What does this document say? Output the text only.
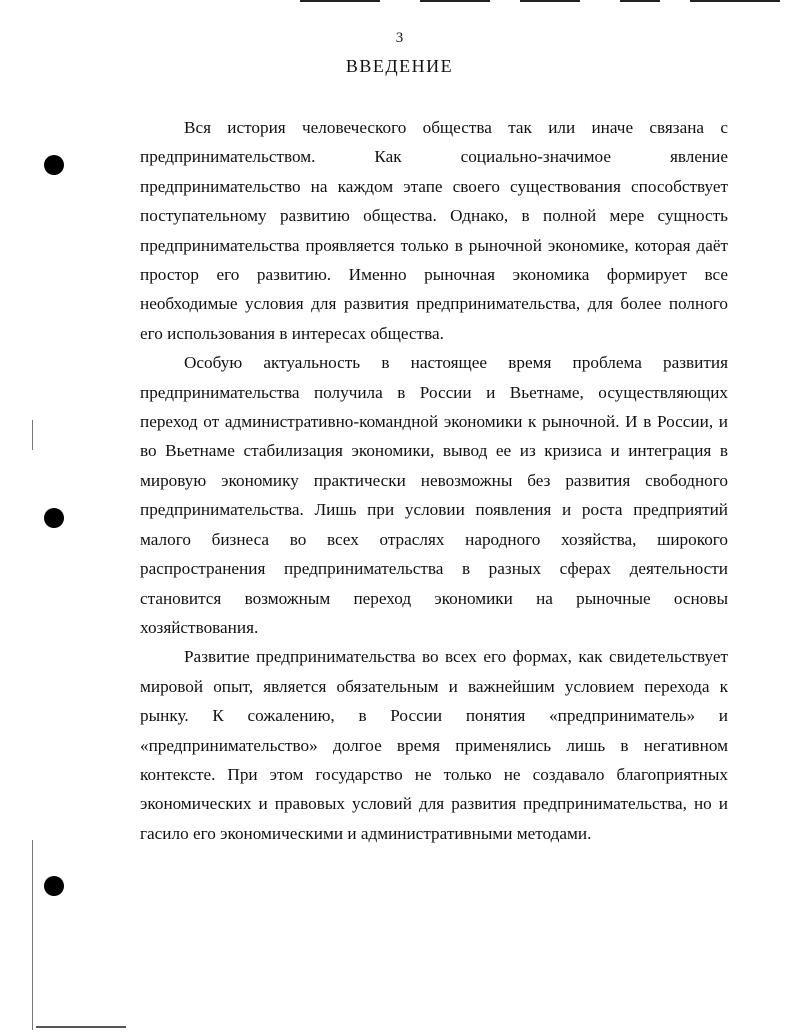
3
ВВЕДЕНИЕ

Вся история человеческого общества так или иначе связана с предпринимательством. Как социально-значимое явление предпринимательство на каждом этапе своего существования способствует поступательному развитию общества. Однако, в полной мере сущность предпринимательства проявляется только в рыночной экономике, которая даёт простор его развитию. Именно рыночная экономика формирует все необходимые условия для развития предпринимательства, для более полного его использования в интересах общества.

Особую актуальность в настоящее время проблема развития предпринимательства получила в России и Вьетнаме, осуществляющих переход от административно-командной экономики к рыночной. И в России, и во Вьетнаме стабилизация экономики, вывод ее из кризиса и интеграция в мировую экономику практически невозможны без развития свободного предпринимательства. Лишь при условии появления и роста предприятий малого бизнеса во всех отраслях народного хозяйства, широкого распространения предпринимательства в разных сферах деятельности становится возможным переход экономики на рыночные основы хозяйствования.

Развитие предпринимательства во всех его формах, как свидетельствует мировой опыт, является обязательным и важнейшим условием перехода к рынку. К сожалению, в России понятия «предприниматель» и «предпринимательство» долгое время применялись лишь в негативном контексте. При этом государство не только не создавало благоприятных экономических и правовых условий для развития предпринимательства, но и гасило его экономическими и административными методами.
